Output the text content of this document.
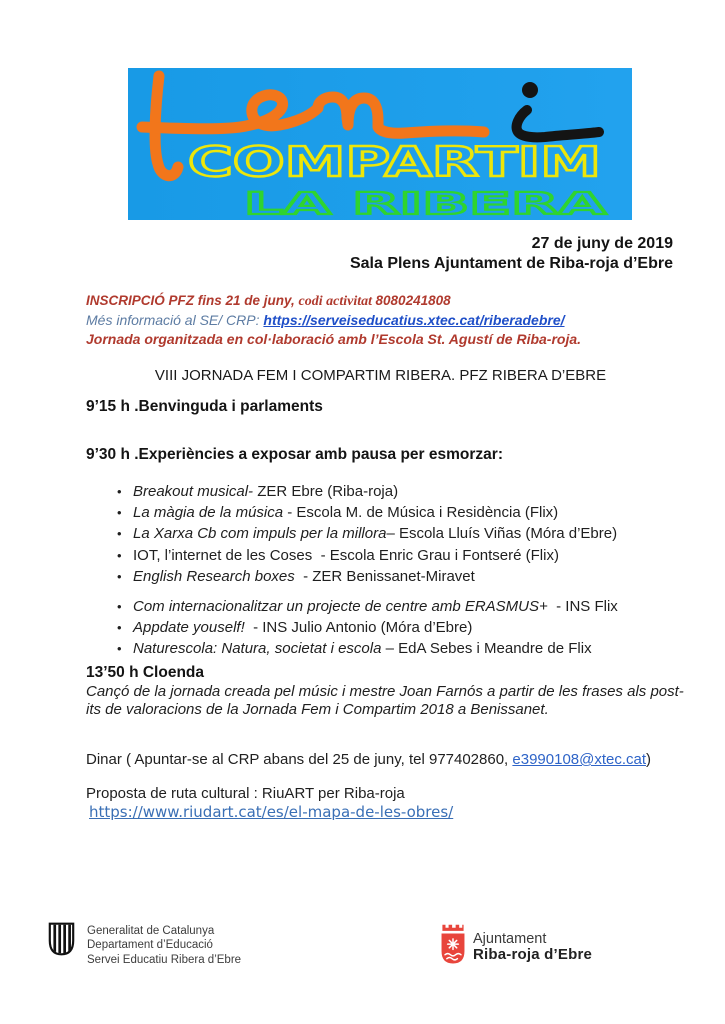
COMPARTIM
LA RIBERA
27 de juny de 2019
Sala Plens Ajuntament de Riba-roja d’Ebre
INSCRIPCIÓ PFZ fins 21 de juny, codi activitat 8080241808
Més informació al SE/ CRP: https://serveiseducatius.xtec.cat/riberadebre/
Jornada organitzada en col·laboració amb l’Escola St. Agustí de Riba-roja.
VIII JORNADA FEM I COMPARTIM RIBERA. PFZ RIBERA D’EBRE
9’15 h .Benvinguda i parlaments
9’30 h .Experiències a exposar amb pausa per esmorzar:
• Breakout musical- ZER Ebre (Riba-roja)
• La màgia de la música - Escola M. de Música i Residència (Flix)
• La Xarxa Cb com impuls per la millora– Escola Lluís Viñas (Móra d’Ebre)
• IOT, l’internet de les Coses  - Escola Enric Grau i Fontseré (Flix)
• English Research boxes  - ZER Benissanet-Miravet
• Com internacionalitzar un projecte de centre amb ERASMUS+  - INS Flix
• Appdate youself!  - INS Julio Antonio (Móra d’Ebre)
• Naturescola: Natura, societat i escola – EdA Sebes i Meandre de Flix
13’50 h Cloenda
Cançó de la jornada creada pel músic i mestre Joan Farnós a partir de les frases als post-
its de valoracions de la Jornada Fem i Compartim 2018 a Benissanet.
Dinar ( Apuntar-se al CRP abans del 25 de juny, tel 977402860, e3990108@xtec.cat)
Proposta de ruta cultural : RiuART per Riba-roja
https://www.riudart.cat/es/el-mapa-de-les-obres/
Generalitat de Catalunya
Departament d’Educació
Servei Educatiu Ribera d’Ebre
Ajuntament
Riba-roja d’Ebre
